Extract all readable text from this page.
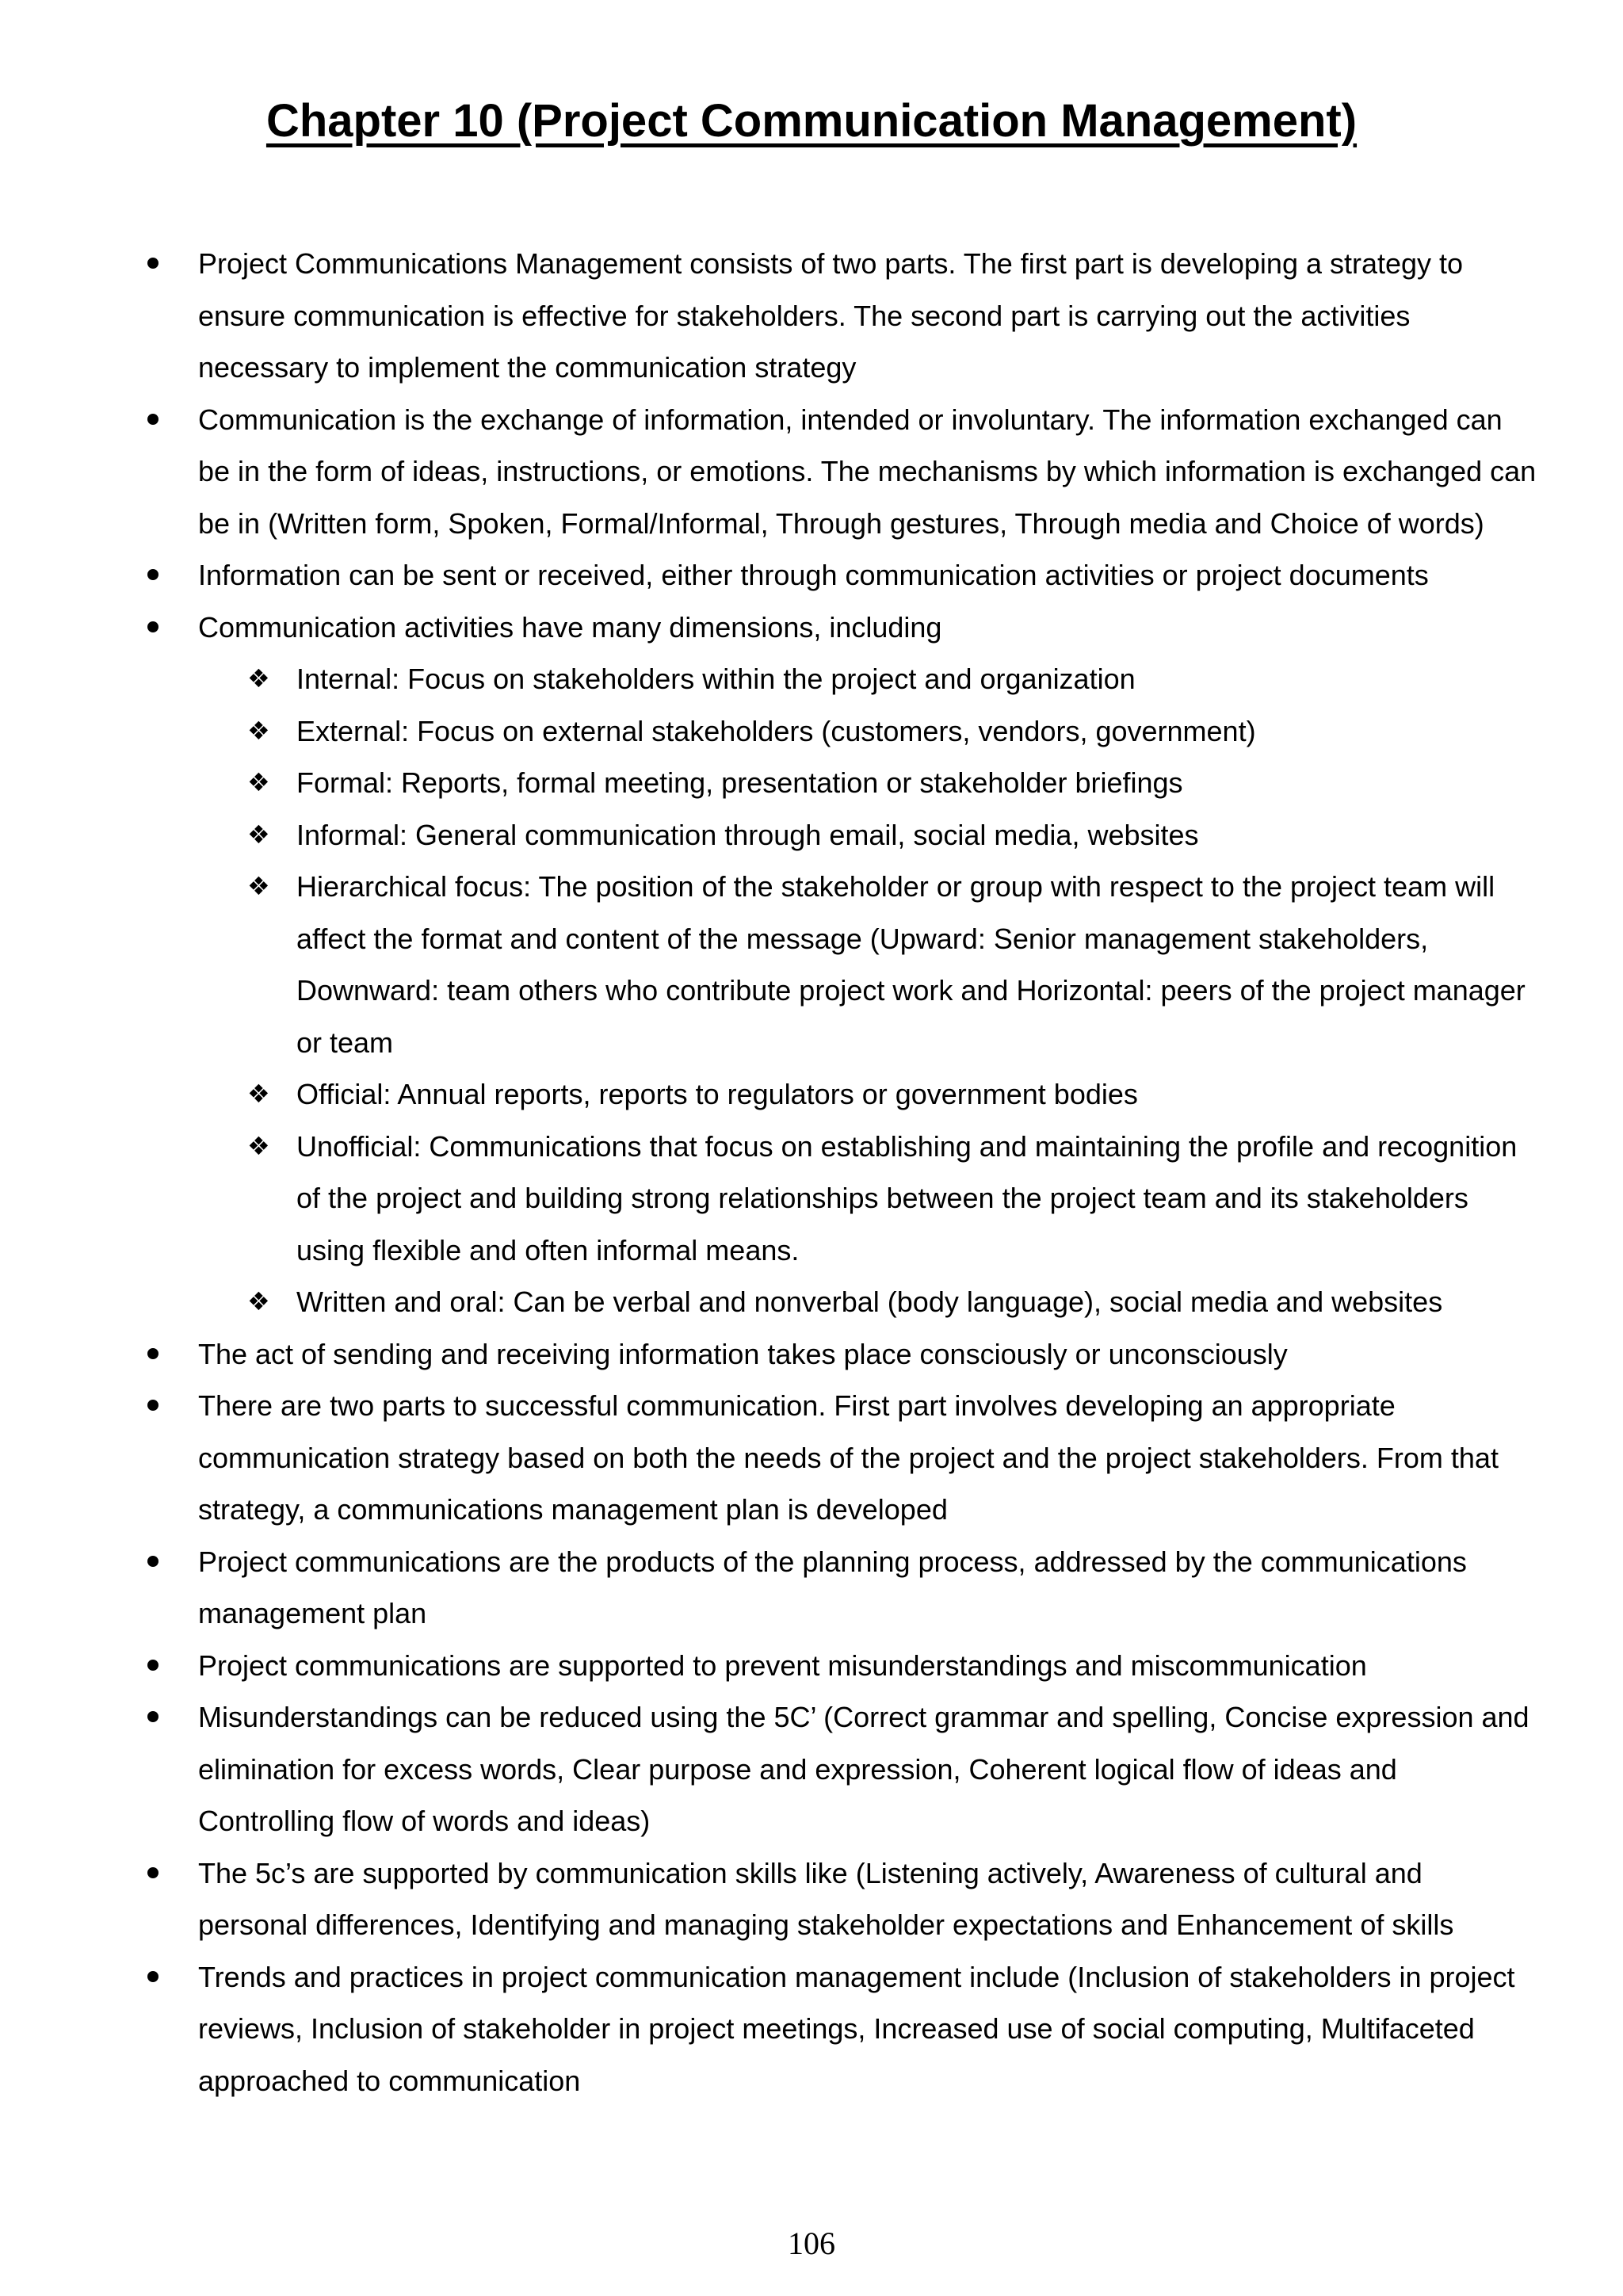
Chapter 10 (Project Communication Management)
Project Communications Management consists of two parts. The first part is developing a strategy to ensure communication is effective for stakeholders. The second part is carrying out the activities necessary to implement the communication strategy
Communication is the exchange of information, intended or involuntary. The information exchanged can be in the form of ideas, instructions, or emotions. The mechanisms by which information is exchanged can be in (Written form, Spoken, Formal/Informal, Through gestures, Through media and Choice of words)
Information can be sent or received, either through communication activities or project documents
Communication activities have many dimensions, including
❖ Internal: Focus on stakeholders within the project and organization
❖ External: Focus on external stakeholders (customers, vendors, government)
❖ Formal: Reports, formal meeting, presentation or stakeholder briefings
❖ Informal: General communication through email, social media, websites
❖ Hierarchical focus: The position of the stakeholder or group with respect to the project team will affect the format and content of the message (Upward: Senior management stakeholders, Downward: team others who contribute project work and Horizontal: peers of the project manager or team
❖ Official: Annual reports, reports to regulators or government bodies
❖ Unofficial: Communications that focus on establishing and maintaining the profile and recognition of the project and building strong relationships between the project team and its stakeholders using flexible and often informal means.
❖ Written and oral: Can be verbal and nonverbal (body language), social media and websites
The act of sending and receiving information takes place consciously or unconsciously
There are two parts to successful communication. First part involves developing an appropriate communication strategy based on both the needs of the project and the project stakeholders. From that strategy, a communications management plan is developed
Project communications are the products of the planning process, addressed by the communications management plan
Project communications are supported to prevent misunderstandings and miscommunication
Misunderstandings can be reduced using the 5C’ (Correct grammar and spelling, Concise expression and elimination for excess words, Clear purpose and expression, Coherent logical flow of ideas and Controlling flow of words and ideas)
The 5c’s are supported by communication skills like (Listening actively, Awareness of cultural and personal differences, Identifying and managing stakeholder expectations and Enhancement of skills
Trends and practices in project communication management include (Inclusion of stakeholders in project reviews, Inclusion of stakeholder in project meetings, Increased use of social computing, Multifaceted approached to communication
106
